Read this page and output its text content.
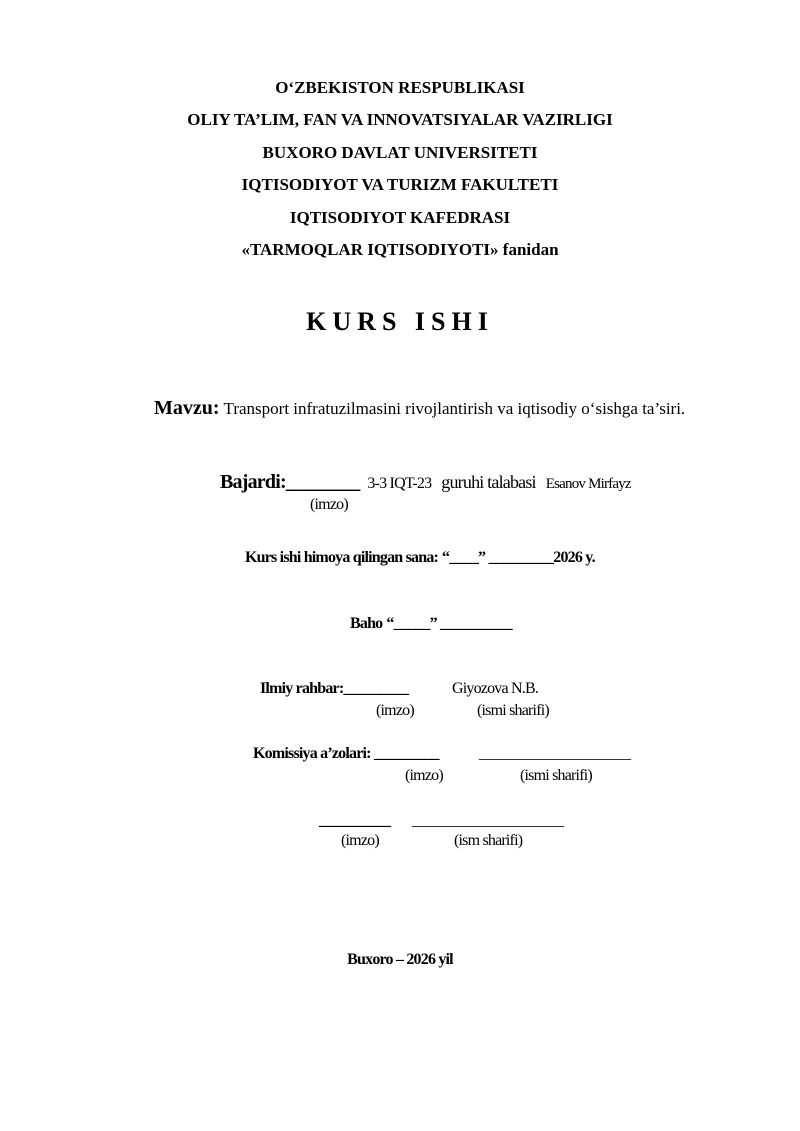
O‘ZBEKISTON RESPUBLIKASI
OLIY TA’LIM, FAN VA INNOVATSIYALAR VAZIRLIGI
BUXORO DAVLAT UNIVERSITETI
IQTISODIYOT VA TURIZM FAKULTETI
IQTISODIYOT KAFEDRASI
«TARMOQLAR IQTISODIYOTI» fanidan
KURS ISHI
Mavzu: Transport infratuzilmasini rivojlantirish va iqtisodiy o‘sishga ta’siri.
Bajardi:________ 3-3 IQT-23 guruhi talabasi Esanov Mirfayz
(imzo)
Kurs ishi himoya qilingan sana: “____” _________2026 y.
Baho “_____” __________
Ilmiy rahbar:_________	Giyozova N.B.
(imzo)	(ismi sharifi)
Komissiya a’zolari: _________	___________________
(imzo)	(ismi sharifi)
_________ ___________________
(imzo)	(ism sharifi)
Buxoro – 2026 yil
